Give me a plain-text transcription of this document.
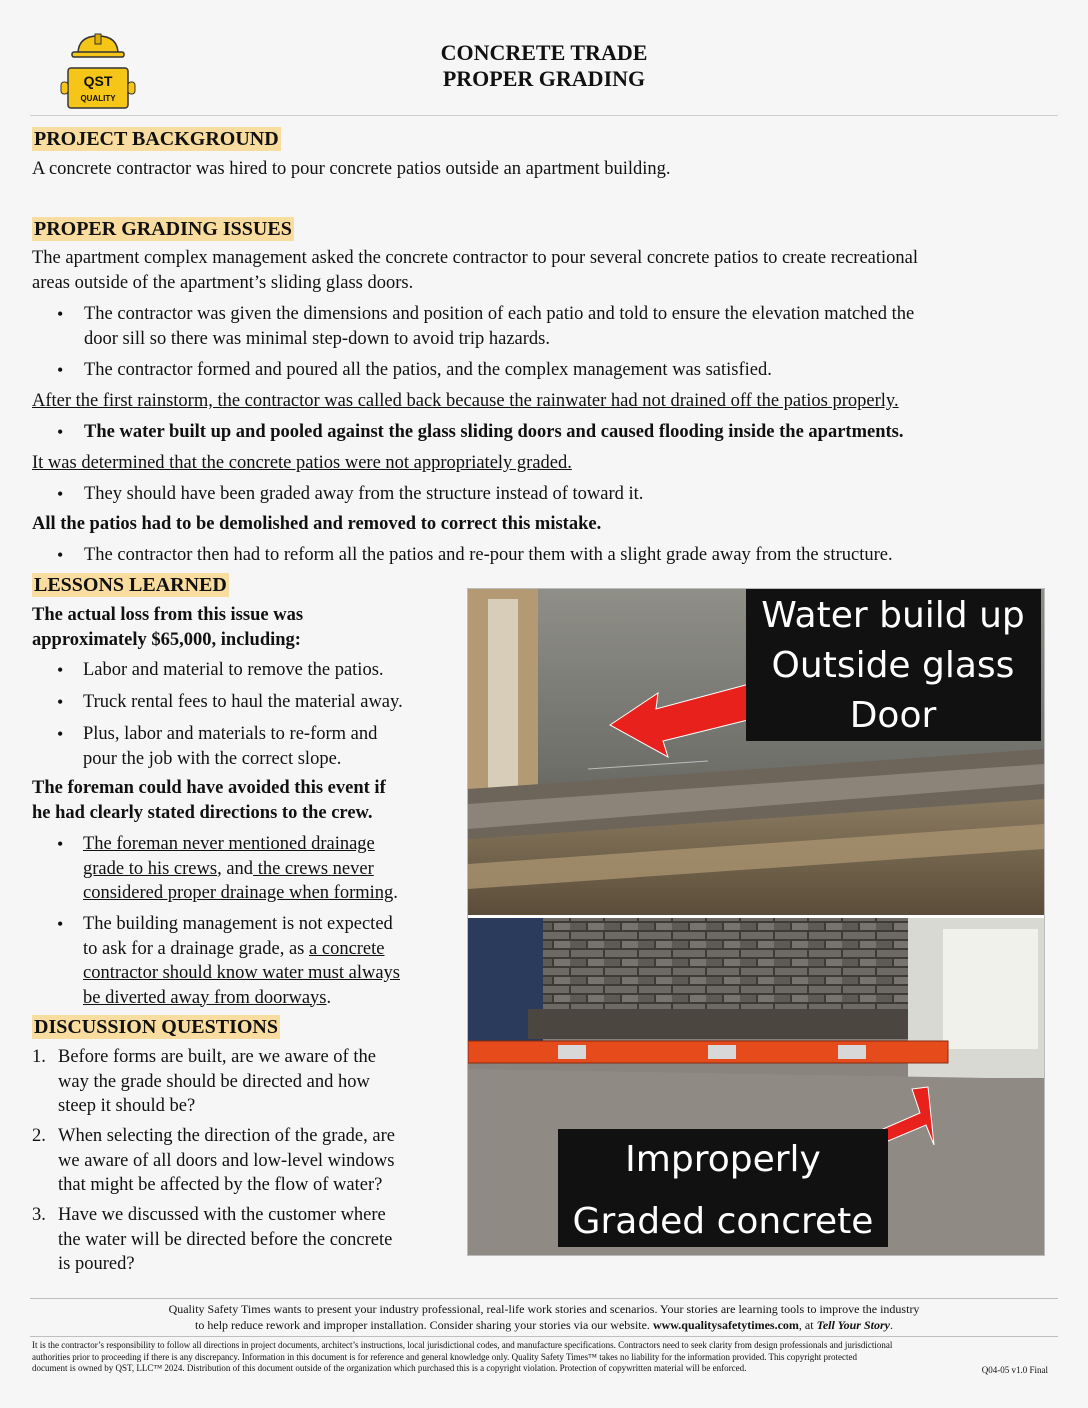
QST
QUALITY
CONCRETE TRADE
PROPER GRADING
PROJECT BACKGROUND
A concrete contractor was hired to pour concrete patios outside an apartment building.
PROPER GRADING ISSUES
The apartment complex management asked the concrete contractor to pour several concrete patios to create recreational
areas outside of the apartment’s sliding glass doors.
• The contractor was given the dimensions and position of each patio and told to ensure the elevation matched the
door sill so there was minimal step-down to avoid trip hazards.
• The contractor formed and poured all the patios, and the complex management was satisfied.
After the first rainstorm, the contractor was called back because the rainwater had not drained off the patios properly.
• The water built up and pooled against the glass sliding doors and caused flooding inside the apartments.
It was determined that the concrete patios were not appropriately graded.
• They should have been graded away from the structure instead of toward it.
All the patios had to be demolished and removed to correct this mistake.
• The contractor then had to reform all the patios and re-pour them with a slight grade away from the structure.
LESSONS LEARNED
The actual loss from this issue was
approximately $65,000, including:
• Labor and material to remove the patios.
• Truck rental fees to haul the material away.
• Plus, labor and materials to re-form and
pour the job with the correct slope.
The foreman could have avoided this event if
he had clearly stated directions to the crew.
• The foreman never mentioned drainage
grade to his crews, and the crews never
considered proper drainage when forming.
• The building management is not expected
to ask for a drainage grade, as a concrete
contractor should know water must always
be diverted away from doorways.
DISCUSSION QUESTIONS
1. Before forms are built, are we aware of the
way the grade should be directed and how
steep it should be?
2. When selecting the direction of the grade, are
we aware of all doors and low-level windows
that might be affected by the flow of water?
3. Have we discussed with the customer where
the water will be directed before the concrete
is poured?
Water build up
Outside glass
Door
Improperly
Graded concrete
Quality Safety Times wants to present your industry professional, real-life work stories and scenarios. Your stories are learning tools to improve the industry
to help reduce rework and improper installation. Consider sharing your stories via our website. www.qualitysafetytimes.com, at Tell Your Story.
It is the contractor’s responsibility to follow all directions in project documents, architect’s instructions, local jurisdictional codes, and manufacture specifications. Contractors need to seek clarity from design professionals and jurisdictional
authorities prior to proceeding if there is any discrepancy. Information in this document is for reference and general knowledge only. Quality Safety Times™ takes no liability for the information provided. This copyright protected
document is owned by QST, LLC™ 2024. Distribution of this document outside of the organization which purchased this is a copyright violation. Protection of copywritten material will be enforced.	Q04-05 v1.0 Final
